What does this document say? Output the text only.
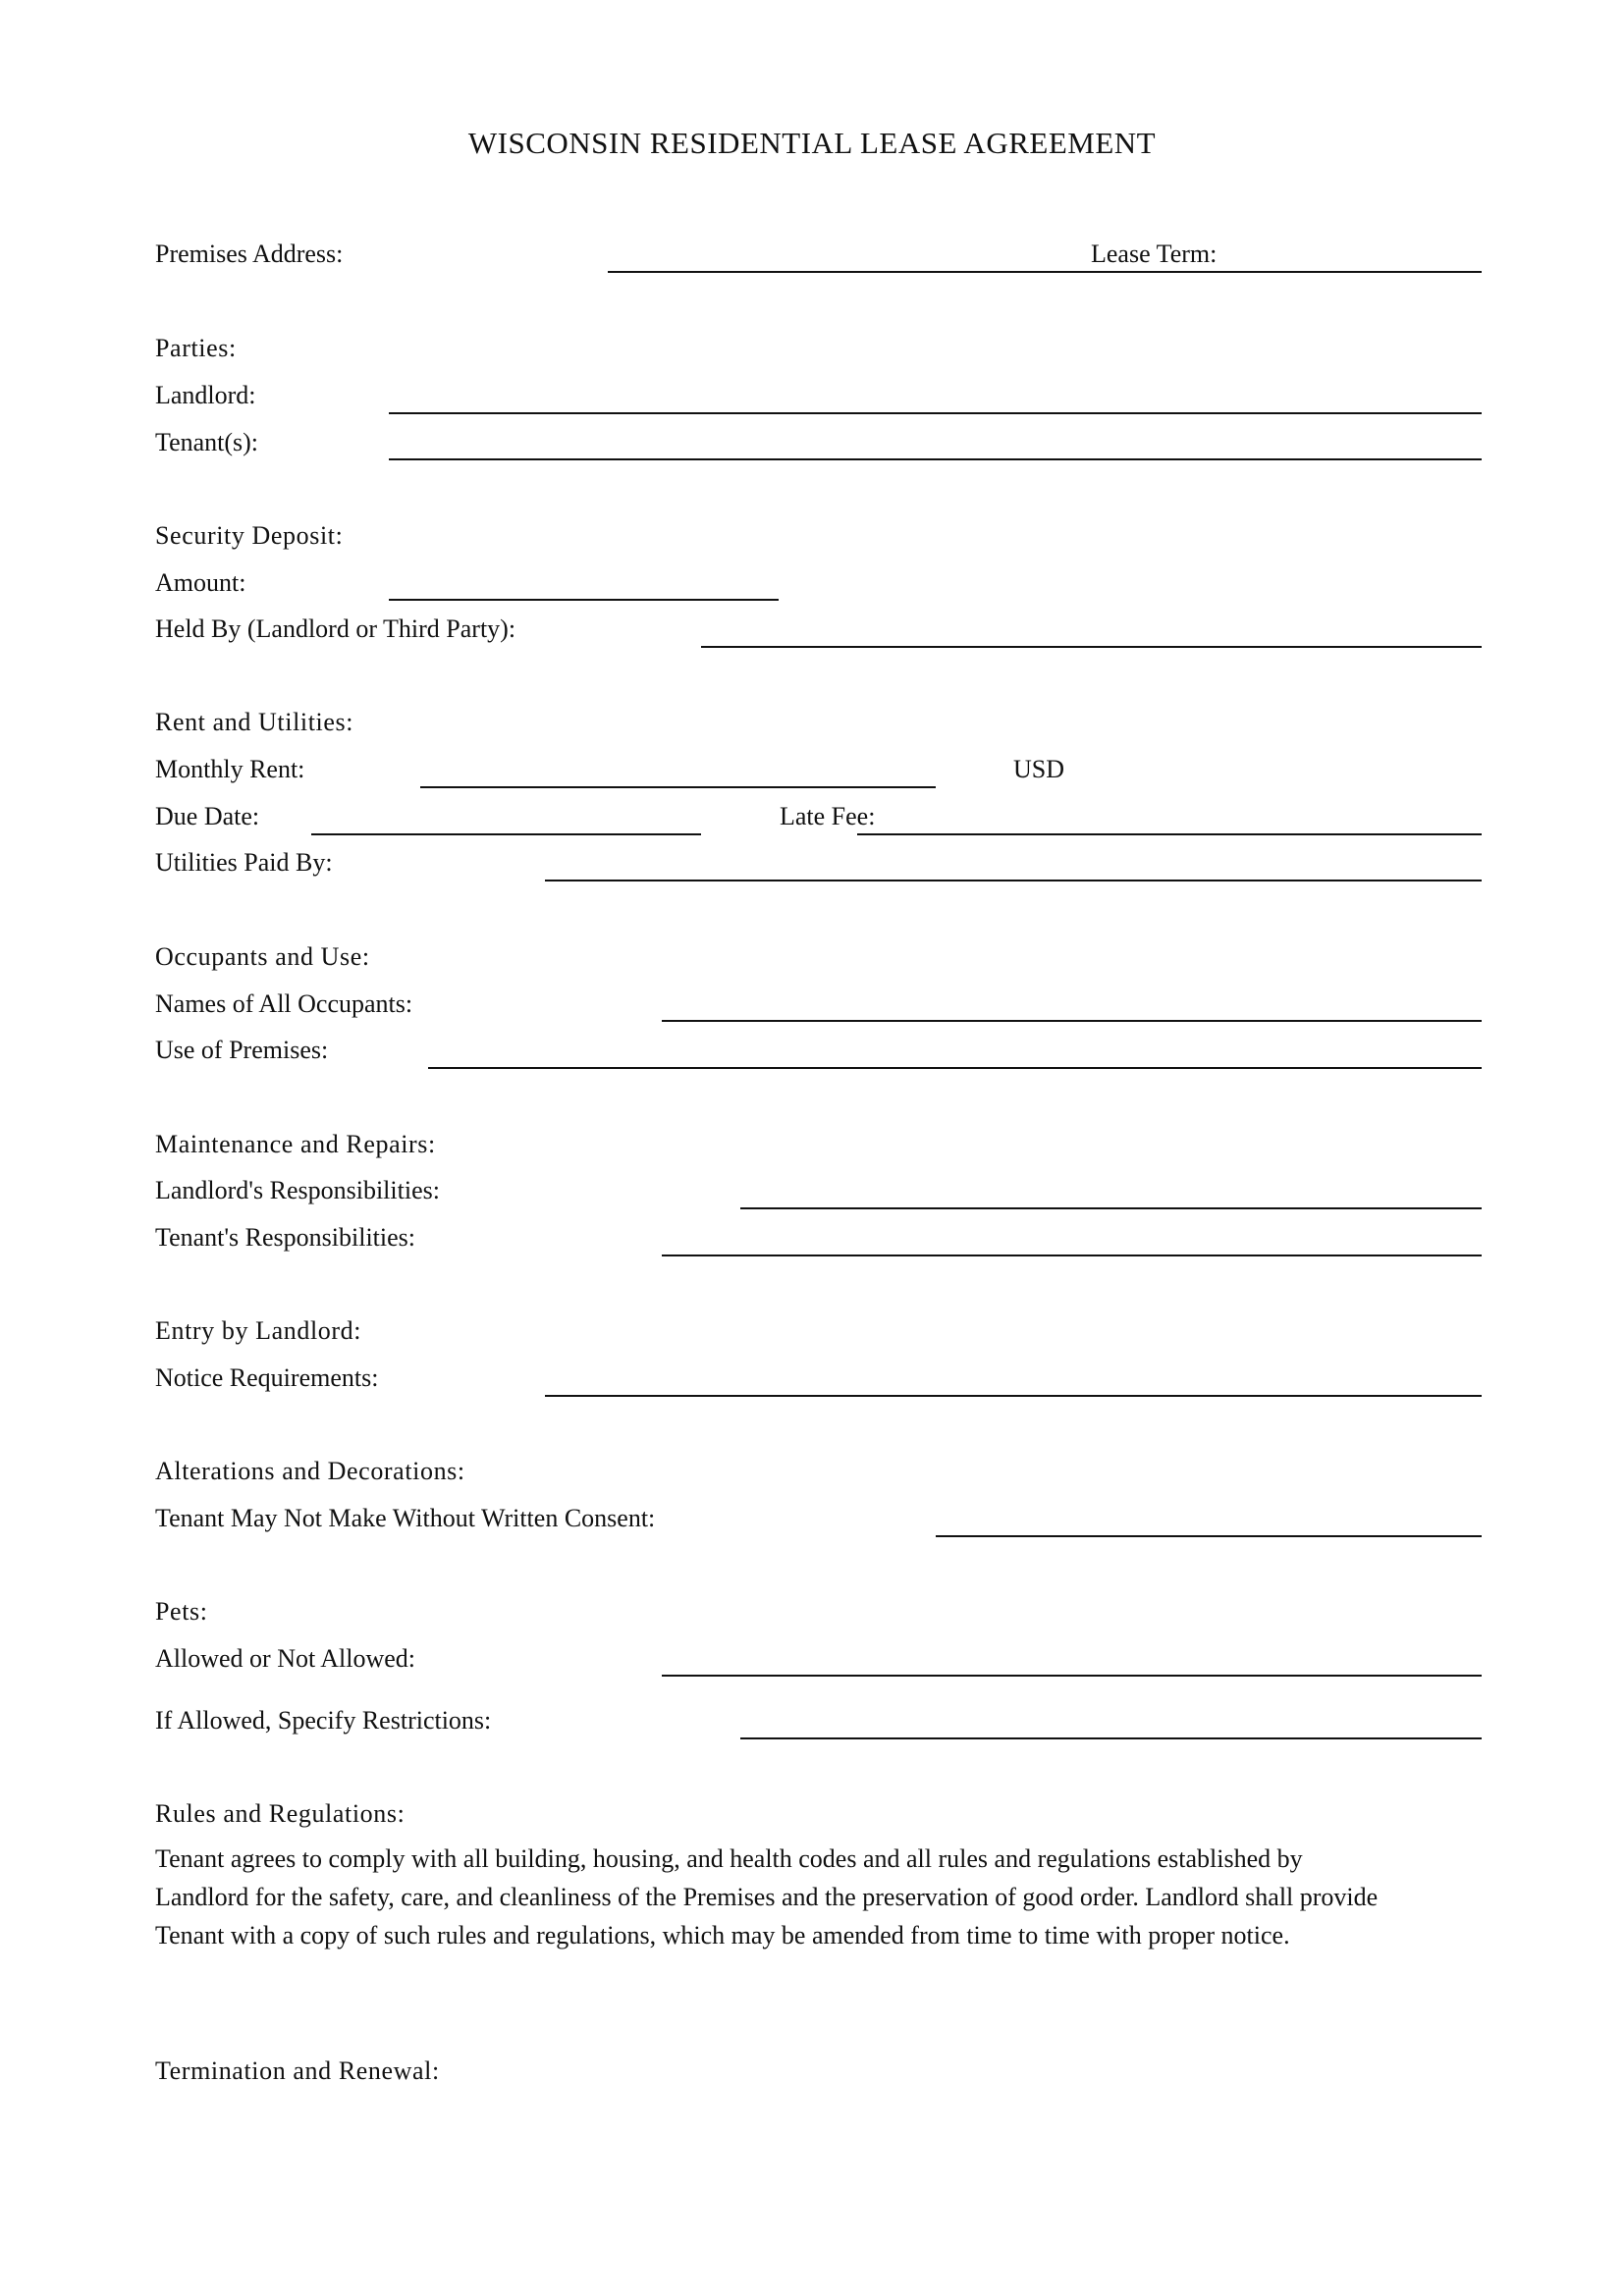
WISCONSIN RESIDENTIAL LEASE AGREEMENT
Premises Address:	Lease Term:
Parties:
Landlord:
Tenant(s):
Security Deposit:
Amount:
Held By (Landlord or Third Party):
Rent and Utilities:
Monthly Rent:	USD
Due Date:	Late Fee:
Utilities Paid By:
Occupants and Use:
Names of All Occupants:
Use of Premises:
Maintenance and Repairs:
Landlord's Responsibilities:
Tenant's Responsibilities:
Entry by Landlord:
Notice Requirements:
Alterations and Decorations:
Tenant May Not Make Without Written Consent:
Pets:
Allowed or Not Allowed:
If Allowed, Specify Restrictions:
Rules and Regulations:
Tenant agrees to comply with all building, housing, and health codes and all rules and regulations established by
Landlord for the safety, care, and cleanliness of the Premises and the preservation of good order. Landlord shall provide
Tenant with a copy of such rules and regulations, which may be amended from time to time with proper notice.
Termination and Renewal:
